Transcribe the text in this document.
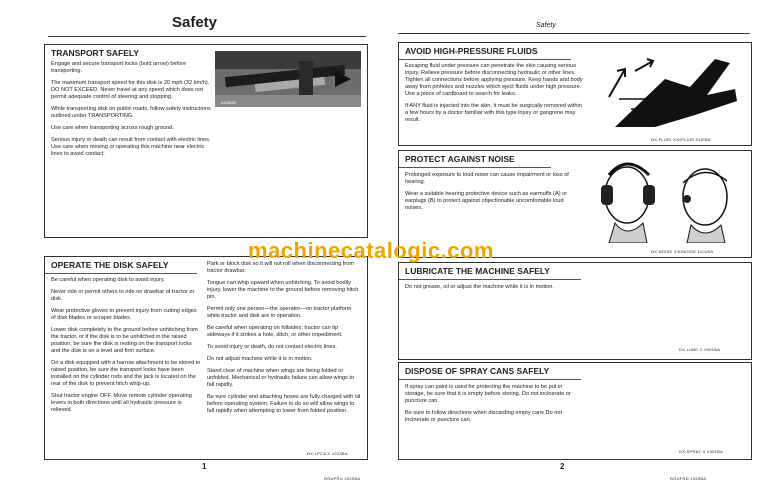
Safety
TRANSPORT SAFELY
A28580

Engage and secure transport locks (bold arrow) before transporting.

The maximum transport speed for this disk is 20 mph (32 km/h). DO NOT EXCEED. Never travel at any speed which does not permit adequate control of steering and stopping.

While transporting disk on public roads, follow safety instructions outlined under TRANSPORTING.

Use care when transporting across rough ground.

Serious injury or death can result from contact with electric lines. Use care when moving or operating this machine near electric lines to avoid contact.

OPERATE THE DISK SAFELY

Be careful when operating disk to avoid injury.

Never ride or permit others to ride on drawbar of tractor or disk.

Wear protective gloves to prevent injury from cutting edges of disk blades or scraper blades.

Lower disk completely to the ground before unhitching from the tractor, or if the disk is to be unhitched in the raised position, be sure the disk is resting on the transport locks and the disk is on a level and firm surface.

On a disk equipped with a harrow attachment to be stored in raised position, be sure the transport locks have been installed on the cylinder rods and the jack is located on the rear of the disk to prevent hitch whip-up.

Shut tractor engine OFF. Move remote cylinder operating levers in both directions until all hydraulic pressure is relieved.

Park or block disk so it will not roll when disconnecting from tractor drawbar.

Tongue can whip upward when unhitching. To avoid bodily injury, lower the machine to the ground before removing hitch pin.

Permit only one person—the operator—on tractor platform while tractor and disk are in operation.

Be careful when operating on hillsides; tractor can tip sideways if it strikes a hole, ditch, or other impediment.

To avoid injury or death, do not contact electric lines.

Do not adjust machine while it is in motion.

Stand clear of machine when wings are being folded or unfolded. Mechanical or hydraulic failure can allow wings to fall rapidly.

Be sure cylinder and attaching hoses are fully charged with oil before operating system. Failure to do so will allow wings to fall rapidly when attempting to lower from folded position.

DX,LPCA X 1023BA
1
RGUFRU 1020BA
Safety
AVOID HIGH-PRESSURE FLUIDS

Escaping fluid under pressure can penetrate the skin causing serious injury. Relieve pressure before disconnecting hydraulic or other lines. Tighten all connections before applying pressure. Keep hands and body away from pinholes and nozzles which eject fluids under high pressure. Use a piece of cardboard to search for leaks.

If ANY fluid is injected into the skin, it must be surgically removed within a few hours by a doctor familiar with this type injury or gangrene may result.

DX,FLUID X/6/FLUID 010IBA
PROTECT AGAINST NOISE

Prolonged exposure to loud noise can cause impairment or loss of hearing.

Wear a suitable hearing protective device such as earmuffs (A) or earplugs (B) to protect against objectionable uncomfortable loud noises.

DX,NOISE X/6/NOISE 1101BA
LUBRICATE THE MACHINE SAFELY

Do not grease, oil or adjust the machine while it is in motion.

DX,LUBE C 0901BA
DISPOSE OF SPRAY CANS SAFELY

If spray can paint is used for protecting the machine to be put in storage, be sure that it is empty before storing. Do not incinerate or puncture can.

Be sure to follow directions when discarding empty cans Do not incinerate or puncture can.

DX,SPRAY X 0901BA
2
RGUFRD 1020BA
machinecatalogic.com
